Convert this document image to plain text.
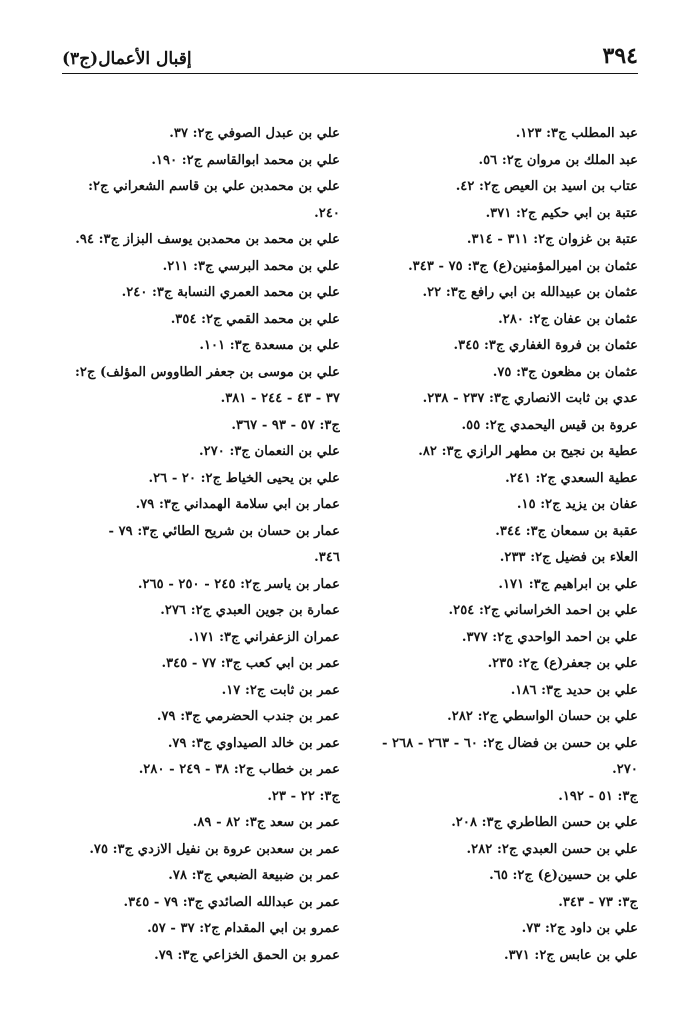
٣٩٤
إقبال الأعمال(ج٣)
عبد المطلب ج٣: ١٢٣.
عبد الملك بن مروان ج٢: ٥٦.
عتاب بن اسيد بن العيص ج٢: ٤٢.
عتبة بن ابي حكيم ج٢: ٣٧١.
عتبة بن غزوان ج٢: ٣١١ - ٣١٤.
عثمان بن اميرالمؤمنين(ع) ج٣: ٧٥ - ٣٤٣.
عثمان بن عبيدالله بن ابي رافع ج٣: ٢٢.
عثمان بن عفان ج٢: ٢٨٠.
عثمان بن فروة الغفاري ج٣: ٣٤٥.
عثمان بن مظعون ج٣: ٧٥.
عدي بن ثابت الانصاري ج٣: ٢٣٧ - ٢٣٨.
عروة بن قيس اليحمدي ج٢: ٥٥.
عطية بن نجيح بن مطهر الرازي ج٣: ٨٢.
عطية السعدي ج٢: ٢٤١.
عفان بن يزيد ج٢: ١٥.
عقبة بن سمعان ج٣: ٣٤٤.
العلاء بن فضيل ج٢: ٢٣٣.
علي بن ابراهيم ج٣: ١٧١.
علي بن احمد الخراساني ج٢: ٢٥٤.
علي بن احمد الواحدي ج٢: ٣٧٧.
علي بن جعفر(ع) ج٢: ٢٣٥.
علي بن حديد ج٣: ١٨٦.
علي بن حسان الواسطي ج٢: ٢٨٢.
علي بن حسن بن فضال ج٢: ٦٠ - ٢٦٣ - ٢٦٨ -
٢٧٠.
ج٣: ٥١ - ١٩٢.
علي بن حسن الطاطري ج٣: ٢٠٨.
علي بن حسن العبدي ج٢: ٢٨٢.
علي بن حسين(ع) ج٢: ٦٥.
ج٣: ٧٣ - ٣٤٣.
علي بن داود ج٢: ٧٣.
علي بن عابس ج٢: ٣٧١.
علي بن عبدل الصوفي ج٢: ٣٧.
علي بن محمد ابوالقاسم ج٢: ١٩٠.
علي بن محمدبن علي بن قاسم الشعراني ج٢:
٢٤٠.
علي بن محمد بن محمدبن يوسف البزاز ج٣: ٩٤.
علي بن محمد البرسي ج٣: ٢١١.
علي بن محمد العمري النسابة ج٣: ٢٤٠.
علي بن محمد القمي ج٢: ٣٥٤.
علي بن مسعدة ج٣: ١٠١.
علي بن موسى بن جعفر الطاووس المؤلف) ج٢:
٣٧ - ٤٣ - ٢٤٤ - ٣٨١.
ج٣: ٥٧ - ٩٣ - ٣٦٧.
علي بن النعمان ج٣: ٢٧٠.
علي بن يحيى الخياط ج٢: ٢٠ - ٢٦.
عمار بن ابي سلامة الهمداني ج٣: ٧٩.
عمار بن حسان بن شريح الطائي ج٣: ٧٩ -
٣٤٦.
عمار بن ياسر ج٢: ٢٤٥ - ٢٥٠ - ٢٦٥.
عمارة بن جوين العبدي ج٢: ٢٧٦.
عمران الزعفراني ج٣: ١٧١.
عمر بن ابي كعب ج٣: ٧٧ - ٣٤٥.
عمر بن ثابت ج٢: ١٧.
عمر بن جندب الحضرمي ج٣: ٧٩.
عمر بن خالد الصيداوي ج٣: ٧٩.
عمر بن خطاب ج٢: ٣٨ - ٢٤٩ - ٢٨٠.
ج٣: ٢٢ - ٢٣.
عمر بن سعد ج٣: ٨٢ - ٨٩.
عمر بن سعدبن عروة بن نفيل الازدي ج٣: ٧٥.
عمر بن ضبيعة الضبعي ج٣: ٧٨.
عمر بن عبدالله الصائدي ج٣: ٧٩ - ٣٤٥.
عمرو بن ابي المقدام ج٢: ٣٧ - ٥٧.
عمرو بن الحمق الخزاعي ج٣: ٧٩.
